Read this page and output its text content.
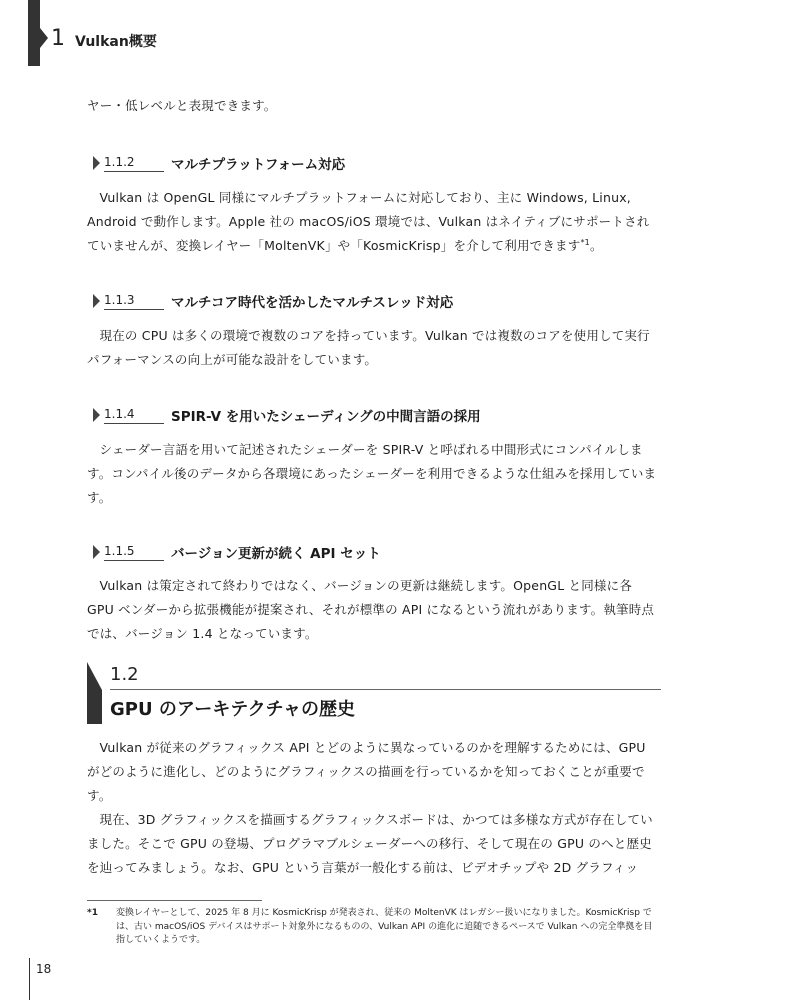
1 Vulkan概要

ヤー・低レベルと表現できます。

1.1.2	マルチプラットフォーム対応

Vulkan は OpenGL 同様にマルチプラットフォームに対応しており、主に Windows, Linux, Android で動作します。Apple 社の macOS/iOS 環境では、Vulkan はネイティブにサポートされていませんが、変換レイヤー「MoltenVK」や「KosmicKrisp」を介して利用できます$^{*1}$。

1.1.3	マルチコア時代を活かしたマルチスレッド対応

現在の CPU は多くの環境で複数のコアを持っています。Vulkan では複数のコアを使用して実行パフォーマンスの向上が可能な設計をしています。

1.1.4	SPIR-V を用いたシェーディングの中間言語の採用

シェーダー言語を用いて記述されたシェーダーを SPIR-V と呼ばれる中間形式にコンパイルします。コンパイル後のデータから各環境にあったシェーダーを利用できるような仕組みを採用しています。

1.1.5	バージョン更新が続く API セット

Vulkan は策定されて終わりではなく、バージョンの更新は継続します。OpenGL と同様に各 GPU ベンダーから拡張機能が提案され、それが標準の API になるという流れがあります。執筆時点では、バージョン 1.4 となっています。

1.2
GPU のアーキテクチャの歴史

Vulkan が従来のグラフィックス API とどのように異なっているのかを理解するためには、GPU がどのように進化し、どのようにグラフィックスの描画を行っているかを知っておくことが重要です。

現在、3D グラフィックスを描画するグラフィックスボードは、かつては多様な方式が存在していました。そこで GPU の登場、プログラマブルシェーダーへの移行、そして現在の GPU のへと歴史を辿ってみましょう。なお、GPU という言葉が一般化する前は、ビデオチップや 2D グラフィッ

*1 変換レイヤーとして、2025 年 8 月に KosmicKrisp が発表され、従来の MoltenVK はレガシー扱いになりました。KosmicKrisp では、古い macOS/iOS デバイスはサポート対象外になるものの、Vulkan API の進化に追随できるペースで Vulkan への完全準拠を目指していくようです。
18
